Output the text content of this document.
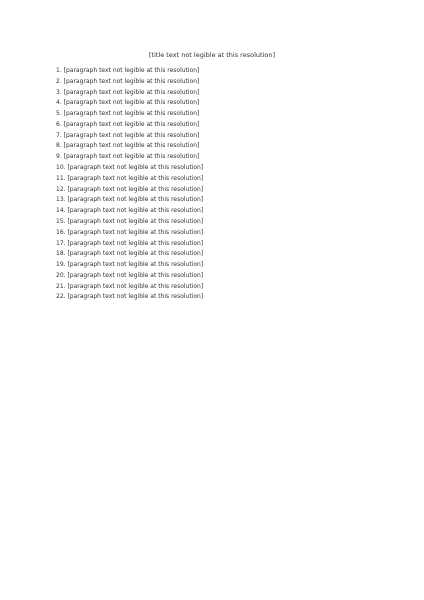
[title text not legible at this resolution]

1. [paragraph text not legible at this resolution]

2. [paragraph text not legible at this resolution]

3. [paragraph text not legible at this resolution]

4. [paragraph text not legible at this resolution]

5. [paragraph text not legible at this resolution]

6. [paragraph text not legible at this resolution]

7. [paragraph text not legible at this resolution]

8. [paragraph text not legible at this resolution]

9. [paragraph text not legible at this resolution]

10. [paragraph text not legible at this resolution]

11. [paragraph text not legible at this resolution]

12. [paragraph text not legible at this resolution]

13. [paragraph text not legible at this resolution]

14. [paragraph text not legible at this resolution]

15. [paragraph text not legible at this resolution]

16. [paragraph text not legible at this resolution]

17. [paragraph text not legible at this resolution]

18. [paragraph text not legible at this resolution]

19. [paragraph text not legible at this resolution]

20. [paragraph text not legible at this resolution]

21. [paragraph text not legible at this resolution]

22. [paragraph text not legible at this resolution]
